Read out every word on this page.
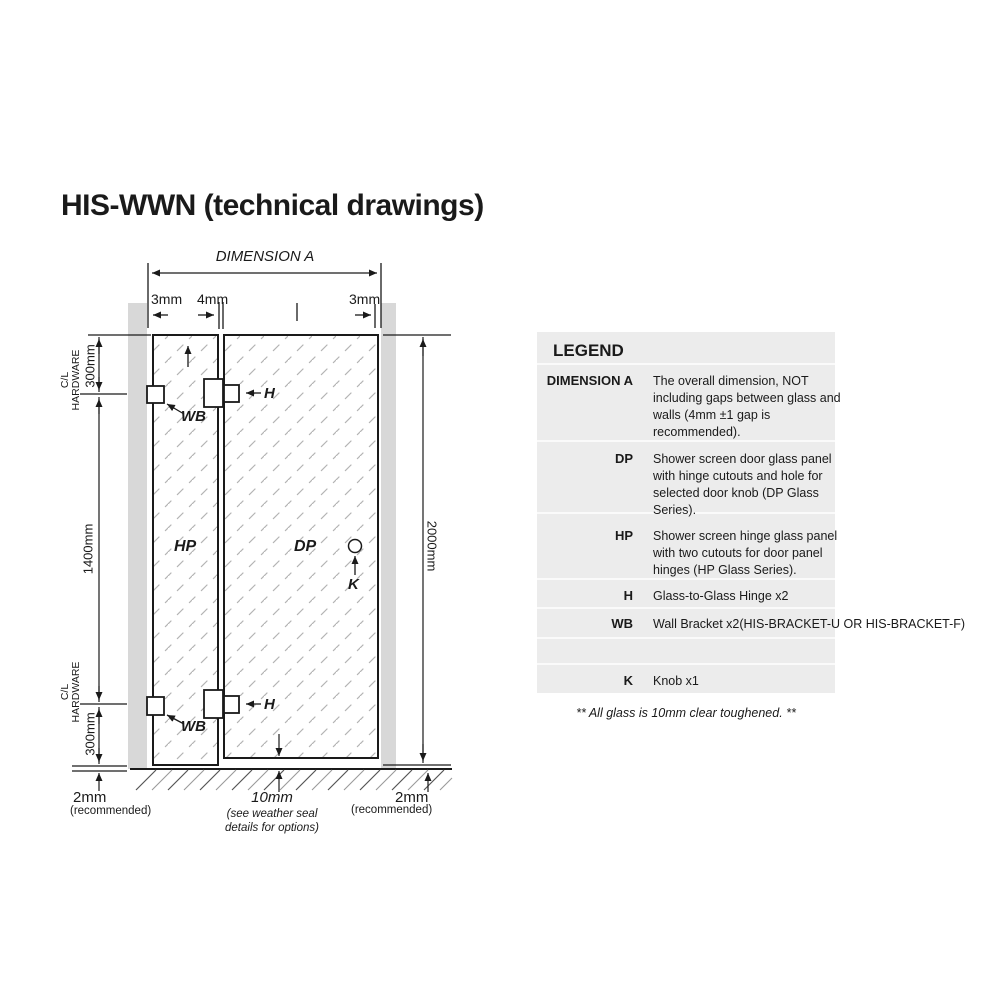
HIS-WWN (technical drawings)
DIMENSION A
3mm 4mm	3mm
C/L HARDWARE 300mm
1400mm
C/L HARDWARE
300mm
2000mm
HP	DP
K
WB
WB
H
H
2mm
(recommended)
10mm
(see weather seal
details for options)
2mm
(recommended)
LEGEND
DIMENSION A The overall dimension, NOT including gaps between glass and walls (4mm ±1 gap is recommended).
DP Shower screen door glass panel with hinge cutouts and hole for selected door knob (DP Glass Series).
HP Shower screen hinge glass panel with two cutouts for door panel hinges (HP Glass Series).
H Glass-to-Glass Hinge x2
WB Wall Bracket x2(HIS-BRACKET-U OR HIS-BRACKET-F)
K Knob x1
** All glass is 10mm clear toughened. **
